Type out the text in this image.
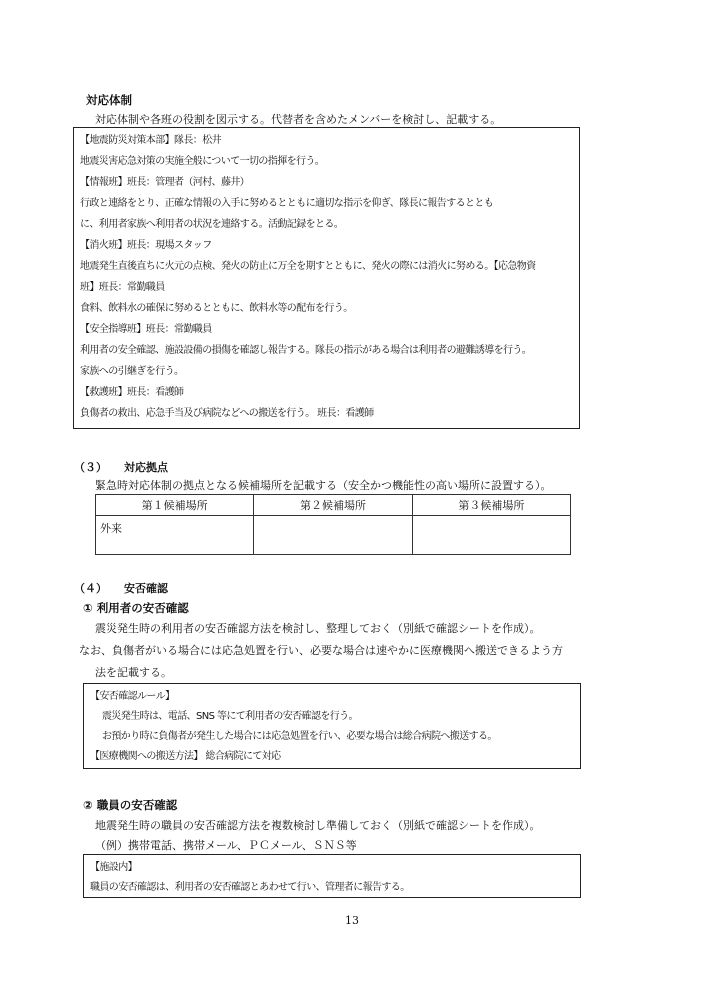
対応体制
対応体制や各班の役割を図示する。代替者を含めたメンバーを検討し、記載する。
【地震防災対策本部】隊長：松井
地震災害応急対策の実施全般について一切の指揮を行う。
【情報班】班長：管理者（河村、藤井）
行政と連絡をとり、正確な情報の入手に努めるとともに適切な指示を仰ぎ、隊長に報告するととも
に、利用者家族へ利用者の状況を連絡する。活動記録をとる。
【消火班】班長：現場スタッフ
地震発生直後直ちに火元の点検、発火の防止に万全を期すとともに、発火の際には消火に努める。【応急物資
班】班長：常勤職員
食料、飲料水の確保に努めるとともに、飲料水等の配布を行う。
【安全指導班】班長：常勤職員
利用者の安全確認、施設設備の損傷を確認し報告する。隊長の指示がある場合は利用者の避難誘導を行う。
家族への引継ぎを行う。
【救護班】班長：看護師
負傷者の救出、応急手当及び病院などへの搬送を行う。 班長：看護師
（３） 対応拠点
緊急時対応体制の拠点となる候補場所を記載する（安全かつ機能性の高い場所に設置する）。
第１候補場所	第２候補場所	第３候補場所
外来		
（４） 安否確認
① 利用者の安否確認
震災発生時の利用者の安否確認方法を検討し、整理しておく（別紙で確認シートを作成）。
なお、負傷者がいる場合には応急処置を行い、必要な場合は速やかに医療機関へ搬送できるよう方
法を記載する。
【安否確認ルール】
震災発生時は、電話、SNS 等にて利用者の安否確認を行う。
お預かり時に負傷者が発生した場合には応急処置を行い、必要な場合は総合病院へ搬送する。
【医療機関への搬送方法】 総合病院にて対応
② 職員の安否確認
地震発生時の職員の安否確認方法を複数検討し準備しておく（別紙で確認シートを作成）。
（例）携帯電話、携帯メール、ＰＣメール、ＳＮＳ等
【施設内】
職員の安否確認は、利用者の安否確認とあわせて行い、管理者に報告する。
13
